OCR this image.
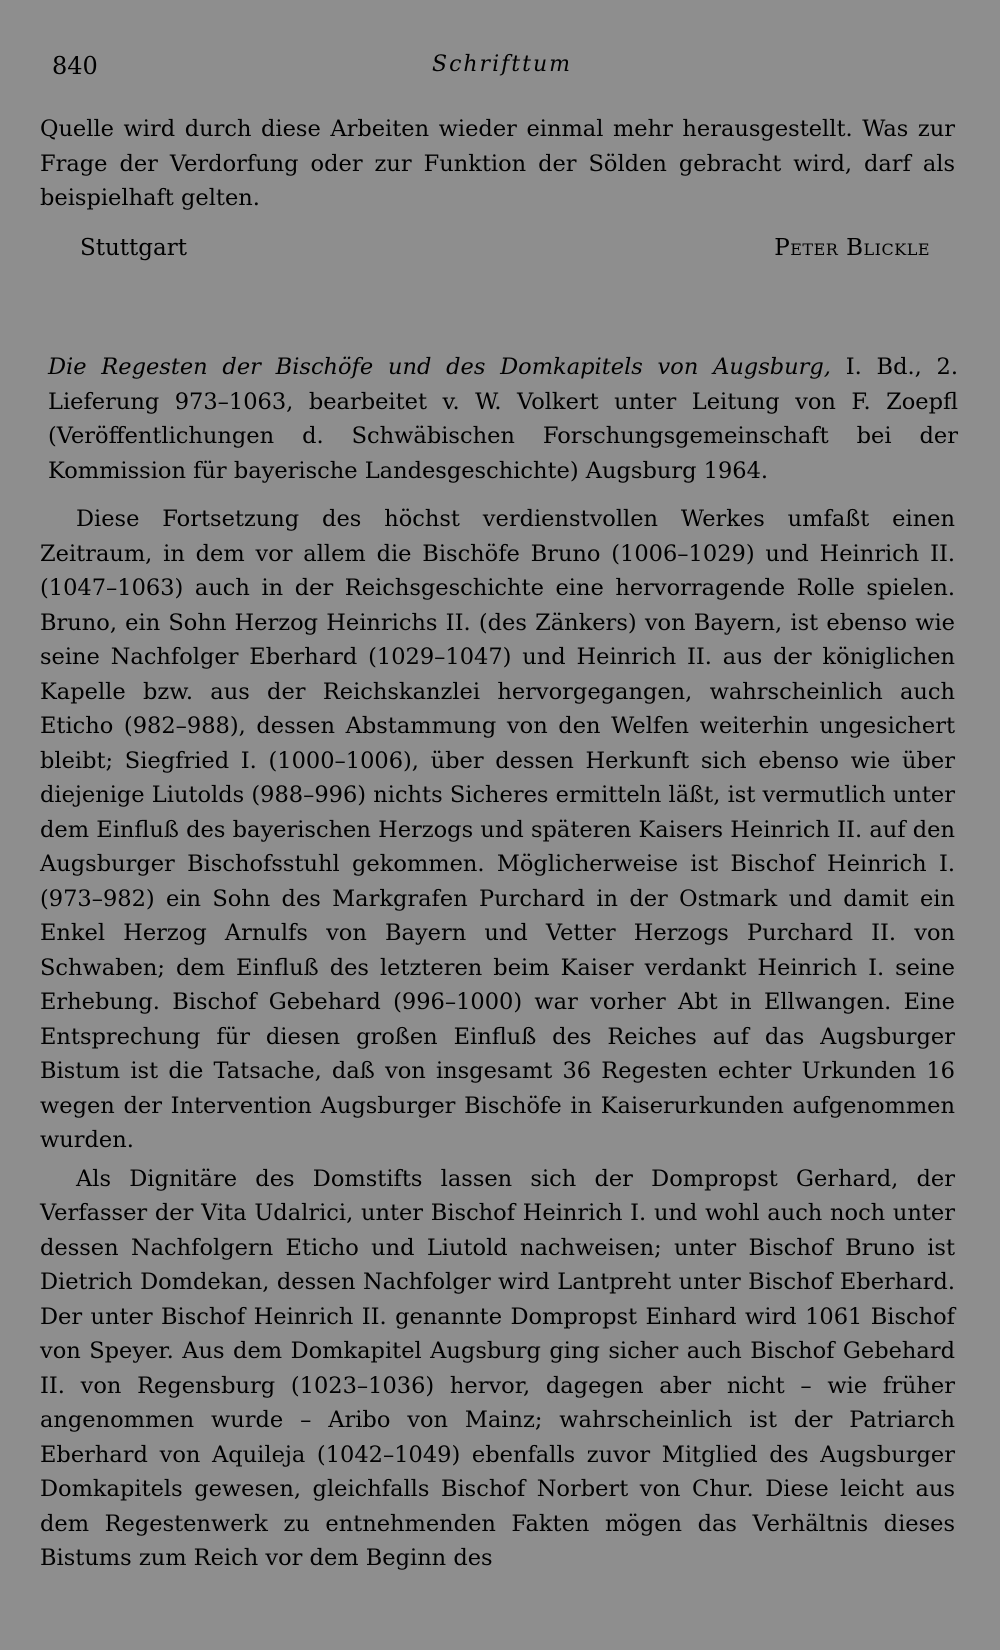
840	Schrifttum

Quelle wird durch diese Arbeiten wieder einmal mehr herausgestellt. Was zur Frage der Verdorfung oder zur Funktion der Sölden gebracht wird, darf als beispielhaft gelten.

Stuttgart	Peter Blickle
Die Regesten der Bischöfe und des Domkapitels von Augsburg, I. Bd., 2. Lieferung 973–1063, bearbeitet v. W. Volkert unter Leitung von F. Zoepfl (Veröffentlichungen d. Schwäbischen Forschungsgemeinschaft bei der Kommission für bayerische Landesgeschichte) Augsburg 1964.

Diese Fortsetzung des höchst verdienstvollen Werkes umfaßt einen Zeitraum, in dem vor allem die Bischöfe Bruno (1006–1029) und Heinrich II. (1047–1063) auch in der Reichsgeschichte eine hervorragende Rolle spielen. Bruno, ein Sohn Herzog Heinrichs II. (des Zänkers) von Bayern, ist ebenso wie seine Nachfolger Eberhard (1029–1047) und Heinrich II. aus der königlichen Kapelle bzw. aus der Reichskanzlei hervorgegangen, wahrscheinlich auch Eticho (982–988), dessen Abstammung von den Welfen weiterhin ungesichert bleibt; Siegfried I. (1000–1006), über dessen Herkunft sich ebenso wie über diejenige Liutolds (988–996) nichts Sicheres ermitteln läßt, ist vermutlich unter dem Einfluß des bayerischen Herzogs und späteren Kaisers Heinrich II. auf den Augsburger Bischofsstuhl gekommen. Möglicherweise ist Bischof Heinrich I. (973–982) ein Sohn des Markgrafen Purchard in der Ostmark und damit ein Enkel Herzog Arnulfs von Bayern und Vetter Herzogs Purchard II. von Schwaben; dem Einfluß des letzteren beim Kaiser verdankt Heinrich I. seine Erhebung. Bischof Gebehard (996–1000) war vorher Abt in Ellwangen. Eine Entsprechung für diesen großen Einfluß des Reiches auf das Augsburger Bistum ist die Tatsache, daß von insgesamt 36 Regesten echter Urkunden 16 wegen der Intervention Augsburger Bischöfe in Kaiserurkunden aufgenommen wurden.

Als Dignitäre des Domstifts lassen sich der Dompropst Gerhard, der Verfasser der Vita Udalrici, unter Bischof Heinrich I. und wohl auch noch unter dessen Nachfolgern Eticho und Liutold nachweisen; unter Bischof Bruno ist Dietrich Domdekan, dessen Nachfolger wird Lantpreht unter Bischof Eberhard. Der unter Bischof Heinrich II. genannte Dompropst Einhard wird 1061 Bischof von Speyer. Aus dem Domkapitel Augsburg ging sicher auch Bischof Gebehard II. von Regensburg (1023–1036) hervor, dagegen aber nicht – wie früher angenommen wurde – Aribo von Mainz; wahrscheinlich ist der Patriarch Eberhard von Aquileja (1042–1049) ebenfalls zuvor Mitglied des Augsburger Domkapitels gewesen, gleichfalls Bischof Norbert von Chur. Diese leicht aus dem Regestenwerk zu entnehmenden Fakten mögen das Verhältnis dieses Bistums zum Reich vor dem Beginn des
